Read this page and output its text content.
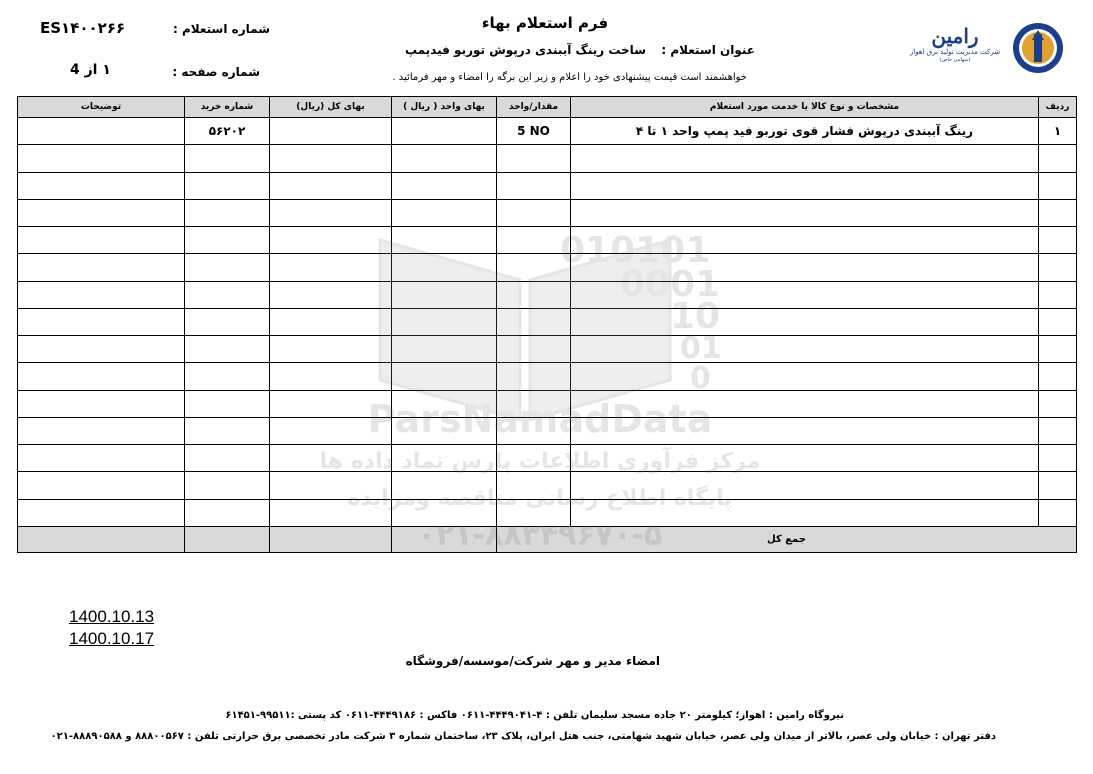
رامین
شرکت مدیریت تولید برق اهواز
(سهامی خاص)
فرم استعلام بهاء
عنوان استعلام :
ساخت رینگ آببندی درپوش توربو فیدپمپ
خواهشمند است قیمت پیشنهادی خود را اعلام و زیر این برگه را امضاء و مهر فرمائید .
شماره استعلام :
ES۱۴۰۰۲۶۶
شماره صفحه :
۱ از 4
ردیف	مشخصات و نوع کالا یا خدمت مورد استعلام	مقدار/واحد	بهای واحد ( ریال )	بهای کل (ریال)	شماره خرید	توضیحات
۱	رینگ آببندی درپوش فشار قوی توربو فید پمپ واحد ۱ تا ۴	5 NO			۵۶۲۰۲	

جمع کل						
010101
0001
10
01
0
ParsNamadData
مرکز فرآوری اطلاعات پارس نماد داده ها
پایگاه اطلاع رسانی مناقصه ومزایده
1400.10.13
1400.10.17
امضاء مدیر و مهر شرکت/موسسه/فروشگاه
نیروگاه رامین : اهواز؛ کیلومتر ۲۰ جاده مسجد سلیمان تلفن : ۴-۴۴۴۹۰۴۱-۰۶۱۱ فاکس : ۴۴۴۹۱۸۶-۰۶۱۱ کد پستی :۹۹۵۱۱-۶۱۴۵۱
دفتر تهران : خیابان ولی عصر، بالاتر از میدان ولی عصر، خیابان شهید شهامتی، جنب هتل ایران، پلاک ۲۳، ساختمان شماره ۳ شرکت مادر تخصصی برق حرارتی تلفن : ۸۸۸۰۰۵۶۷ و ۸۸۸۹۰۵۸۸-۰۲۱
